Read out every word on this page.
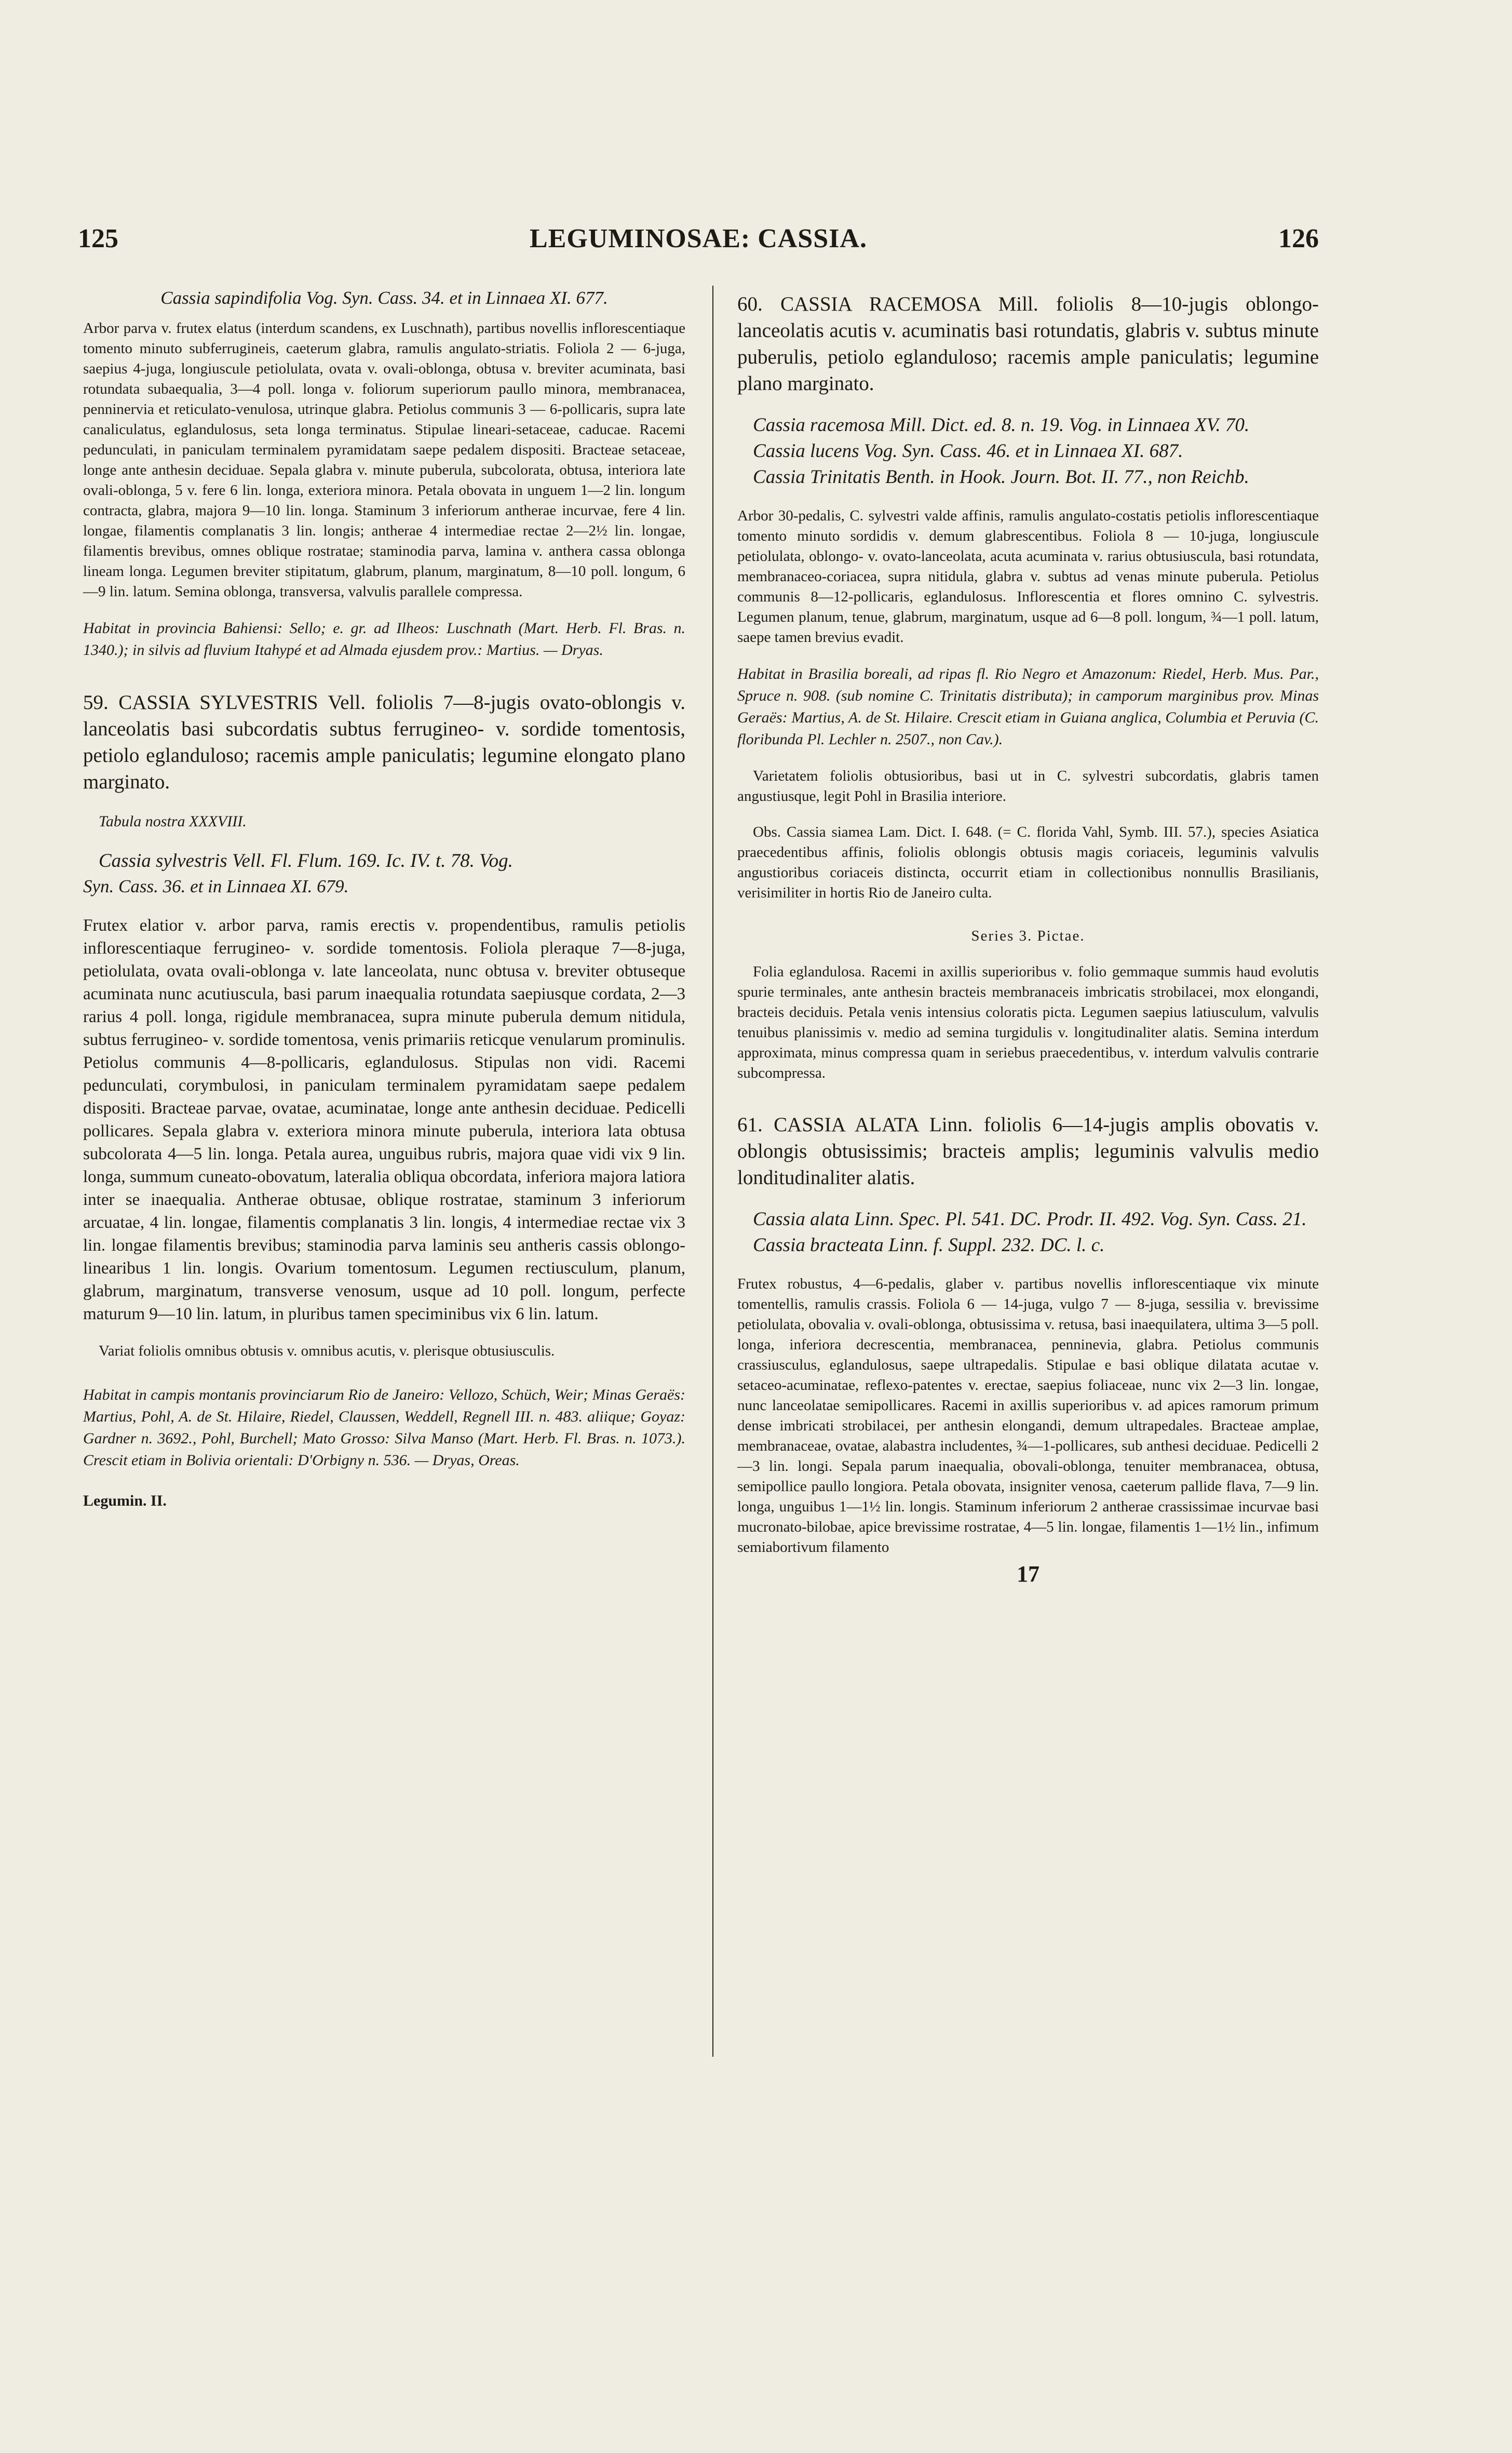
125	LEGUMINOSAE: CASSIA.	126

Cassia sapindifolia Vog. Syn. Cass. 34. et in Linnaea XI. 677.

Arbor parva v. frutex elatus (interdum scandens, ex Luschnath), partibus novellis inflorescentiaque tomento minuto subferrugineis, caeterum glabra, ramulis angulato-striatis. Foliola 2 — 6-juga, saepius 4-juga, longiuscule petiolulata, ovata v. ovali-oblonga, obtusa v. breviter acuminata, basi rotundata subaequalia, 3—4 poll. longa v. foliorum superiorum paullo minora, membranacea, penninervia et reticulato-venulosa, utrinque glabra. Petiolus communis 3 — 6-pollicaris, supra late canaliculatus, eglandulosus, seta longa terminatus. Stipulae lineari-setaceae, caducae. Racemi pedunculati, in paniculam terminalem pyramidatam saepe pedalem dispositi. Bracteae setaceae, longe ante anthesin deciduae. Sepala glabra v. minute puberula, subcolorata, obtusa, interiora late ovali-oblonga, 5 v. fere 6 lin. longa, exteriora minora. Petala obovata in unguem 1—2 lin. longum contracta, glabra, majora 9—10 lin. longa. Staminum 3 inferiorum antherae incurvae, fere 4 lin. longae, filamentis complanatis 3 lin. longis; antherae 4 intermediae rectae 2—2½ lin. longae, filamentis brevibus, omnes oblique rostratae; staminodia parva, lamina v. anthera cassa oblonga lineam longa. Legumen breviter stipitatum, glabrum, planum, marginatum, 8—10 poll. longum, 6—9 lin. latum. Semina oblonga, transversa, valvulis parallele compressa.

Habitat in provincia Bahiensi: Sello; e. gr. ad Ilheos: Luschnath (Mart. Herb. Fl. Bras. n. 1340.); in silvis ad fluvium Itahypé et ad Almada ejusdem prov.: Martius. — Dryas.

59. CASSIA SYLVESTRIS Vell. foliolis 7—8-jugis ovato-oblongis v. lanceolatis basi subcordatis subtus ferrugineo- v. sordide tomentosis, petiolo eglanduloso; racemis ample paniculatis; legumine elongato plano marginato.

Tabula nostra XXXVIII.

Cassia sylvestris Vell. Fl. Flum. 169. Ic. IV. t. 78. Vog.

Syn. Cass. 36. et in Linnaea XI. 679.

Frutex elatior v. arbor parva, ramis erectis v. propendentibus, ramulis petiolis inflorescentiaque ferrugineo- v. sordide tomentosis. Foliola pleraque 7—8-juga, petiolulata, ovata ovali-oblonga v. late lanceolata, nunc obtusa v. breviter obtuseque acuminata nunc acutiuscula, basi parum inaequalia rotundata saepiusque cordata, 2—3 rarius 4 poll. longa, rigidule membranacea, supra minute puberula demum nitidula, subtus ferrugineo- v. sordide tomentosa, venis primariis reticque venularum prominulis. Petiolus communis 4—8-pollicaris, eglandulosus. Stipulas non vidi. Racemi pedunculati, corymbulosi, in paniculam terminalem pyramidatam saepe pedalem dispositi. Bracteae parvae, ovatae, acuminatae, longe ante anthesin deciduae. Pedicelli pollicares. Sepala glabra v. exteriora minora minute puberula, interiora lata obtusa subcolorata 4—5 lin. longa. Petala aurea, unguibus rubris, majora quae vidi vix 9 lin. longa, summum cuneato-obovatum, lateralia obliqua obcordata, inferiora majora latiora inter se inaequalia. Antherae obtusae, oblique rostratae, staminum 3 inferiorum arcuatae, 4 lin. longae, filamentis complanatis 3 lin. longis, 4 intermediae rectae vix 3 lin. longae filamentis brevibus; staminodia parva laminis seu antheris cassis oblongo-linearibus 1 lin. longis. Ovarium tomentosum. Legumen rectiusculum, planum, glabrum, marginatum, transverse venosum, usque ad 10 poll. longum, perfecte maturum 9—10 lin. latum, in pluribus tamen speciminibus vix 6 lin. latum.

Variat foliolis omnibus obtusis v. omnibus acutis, v. plerisque obtusiusculis.

Habitat in campis montanis provinciarum Rio de Janeiro: Vellozo, Schüch, Weir; Minas Geraës: Martius, Pohl, A. de St. Hilaire, Riedel, Claussen, Weddell, Regnell III. n. 483. aliique; Goyaz: Gardner n. 3692., Pohl, Burchell; Mato Grosso: Silva Manso (Mart. Herb. Fl. Bras. n. 1073.). Crescit etiam in Bolivia orientali: D'Orbigny n. 536. — Dryas, Oreas.

Legumin. II.

60. CASSIA RACEMOSA Mill. foliolis 8—10-jugis oblongo-lanceolatis acutis v. acuminatis basi rotundatis, glabris v. subtus minute puberulis, petiolo eglanduloso; racemis ample paniculatis; legumine plano marginato.

Cassia racemosa Mill. Dict. ed. 8. n. 19. Vog. in Linnaea XV. 70.

Cassia lucens Vog. Syn. Cass. 46. et in Linnaea XI. 687.

Cassia Trinitatis Benth. in Hook. Journ. Bot. II. 77., non Reichb.

Arbor 30-pedalis, C. sylvestri valde affinis, ramulis angulato-costatis petiolis inflorescentiaque tomento minuto sordidis v. demum glabrescentibus. Foliola 8 — 10-juga, longiuscule petiolulata, oblongo- v. ovato-lanceolata, acuta acuminata v. rarius obtusiuscula, basi rotundata, membranaceo-coriacea, supra nitidula, glabra v. subtus ad venas minute puberula. Petiolus communis 8—12-pollicaris, eglandulosus. Inflorescentia et flores omnino C. sylvestris. Legumen planum, tenue, glabrum, marginatum, usque ad 6—8 poll. longum, ¾—1 poll. latum, saepe tamen brevius evadit.

Habitat in Brasilia boreali, ad ripas fl. Rio Negro et Amazonum: Riedel, Herb. Mus. Par., Spruce n. 908. (sub nomine C. Trinitatis distributa); in camporum marginibus prov. Minas Geraës: Martius, A. de St. Hilaire. Crescit etiam in Guiana anglica, Columbia et Peruvia (C. floribunda Pl. Lechler n. 2507., non Cav.).

Varietatem foliolis obtusioribus, basi ut in C. sylvestri subcordatis, glabris tamen angustiusque, legit Pohl in Brasilia interiore.

Obs. Cassia siamea Lam. Dict. I. 648. (= C. florida Vahl, Symb. III. 57.), species Asiatica praecedentibus affinis, foliolis oblongis obtusis magis coriaceis, leguminis valvulis angustioribus coriaceis distincta, occurrit etiam in collectionibus nonnullis Brasilianis, verisimiliter in hortis Rio de Janeiro culta.

Series 3. Pictae.

Folia eglandulosa. Racemi in axillis superioribus v. folio gemmaque summis haud evolutis spurie terminales, ante anthesin bracteis membranaceis imbricatis strobilacei, mox elongandi, bracteis deciduis. Petala venis intensius coloratis picta. Legumen saepius latiusculum, valvulis tenuibus planissimis v. medio ad semina turgidulis v. longitudinaliter alatis. Semina interdum approximata, minus compressa quam in seriebus praecedentibus, v. interdum valvulis contrarie subcompressa.

61. CASSIA ALATA Linn. foliolis 6—14-jugis amplis obovatis v. oblongis obtusissimis; bracteis amplis; leguminis valvulis medio londitudinaliter alatis.

Cassia alata Linn. Spec. Pl. 541. DC. Prodr. II. 492. Vog. Syn. Cass. 21.

Cassia bracteata Linn. f. Suppl. 232. DC. l. c.

Frutex robustus, 4—6-pedalis, glaber v. partibus novellis inflorescentiaque vix minute tomentellis, ramulis crassis. Foliola 6 — 14-juga, vulgo 7 — 8-juga, sessilia v. brevissime petiolulata, obovalia v. ovali-oblonga, obtusissima v. retusa, basi inaequilatera, ultima 3—5 poll. longa, inferiora decrescentia, membranacea, penninevia, glabra. Petiolus communis crassiusculus, eglandulosus, saepe ultrapedalis. Stipulae e basi oblique dilatata acutae v. setaceo-acuminatae, reflexo-patentes v. erectae, saepius foliaceae, nunc vix 2—3 lin. longae, nunc lanceolatae semipollicares. Racemi in axillis superioribus v. ad apices ramorum primum dense imbricati strobilacei, per anthesin elongandi, demum ultrapedales. Bracteae amplae, membranaceae, ovatae, alabastra includentes, ¾—1-pollicares, sub anthesi deciduae. Pedicelli 2—3 lin. longi. Sepala parum inaequalia, obovali-oblonga, tenuiter membranacea, obtusa, semipollice paullo longiora. Petala obovata, insigniter venosa, caeterum pallide flava, 7—9 lin. longa, unguibus 1—1½ lin. longis. Staminum inferiorum 2 antherae crassissimae incurvae basi mucronato-bilobae, apice brevissime rostratae, 4—5 lin. longae, filamentis 1—1½ lin., infimum semiabortivum filamento

17
